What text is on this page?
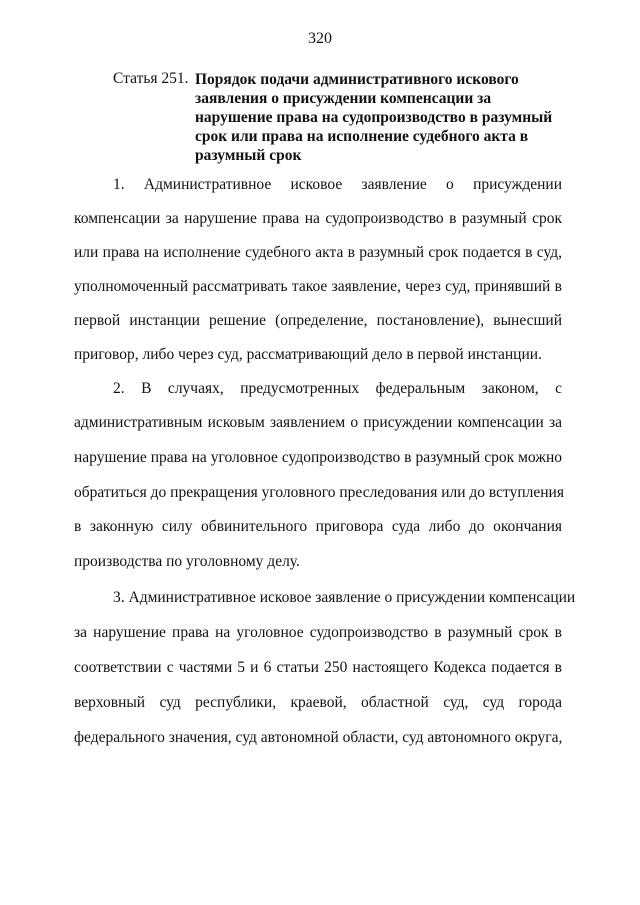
320
Статья 251. Порядок подачи административного искового
заявления о присуждении компенсации за
нарушение права на судопроизводство в разумный
срок или права на исполнение судебного акта в
разумный срок
1. Административное исковое заявление о присуждении
компенсации за нарушение права на судопроизводство в разумный срок
или права на исполнение судебного акта в разумный срок подается в суд,
уполномоченный рассматривать такое заявление, через суд, принявший в
первой инстанции решение (определение, постановление), вынесший
приговор, либо через суд, рассматривающий дело в первой инстанции.
2. В случаях, предусмотренных федеральным законом, с
административным исковым заявлением о присуждении компенсации за
нарушение права на уголовное судопроизводство в разумный срок можно
обратиться до прекращения уголовного преследования или до вступления
в законную силу обвинительного приговора суда либо до окончания
производства по уголовному делу.
3. Административное исковое заявление о присуждении компенсации
за нарушение права на уголовное судопроизводство в разумный срок в
соответствии с частями 5 и 6 статьи 250 настоящего Кодекса подается в
верховный суд республики, краевой, областной суд, суд города
федерального значения, суд автономной области, суд автономного округа,
